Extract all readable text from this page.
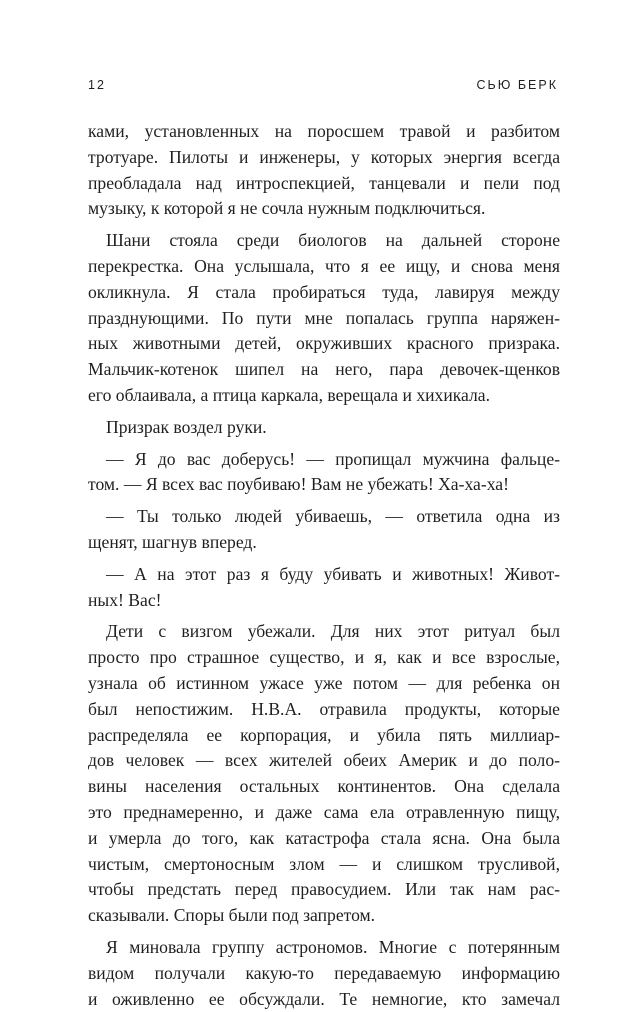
12	СЬЮ БЕРК
ками, установленных на поросшем травой и разбитом
тротуаре. Пилоты и инженеры, у которых энергия всегда
преобладала над интроспекцией, танцевали и пели под
музыку, к которой я не сочла нужным подключиться.
Шани стояла среди биологов на дальней стороне
перекрестка. Она услышала, что я ее ищу, и снова меня
окликнула. Я стала пробираться туда, лавируя между
празднующими. По пути мне попалась группа наряжен-
ных животными детей, окруживших красного призрака.
Мальчик-котенок шипел на него, пара девочек-щенков
его облаивала, а птица каркала, верещала и хихикала.
Призрак воздел руки.
— Я до вас доберусь! — пропищал мужчина фальце-
том. — Я всех вас поубиваю! Вам не убежать! Ха-ха-ха!
— Ты только людей убиваешь, — ответила одна из
щенят, шагнув вперед.
— А на этот раз я буду убивать и животных! Живот-
ных! Вас!
Дети с визгом убежали. Для них этот ритуал был
просто про страшное существо, и я, как и все взрослые,
узнала об истинном ужасе уже потом — для ребенка он
был непостижим. Н.В.А. отравила продукты, которые
распределяла ее корпорация, и убила пять миллиар-
дов человек — всех жителей обеих Америк и до поло-
вины населения остальных континентов. Она сделала
это преднамеренно, и даже сама ела отравленную пищу,
и умерла до того, как катастрофа стала ясна. Она была
чистым, смертоносным злом — и слишком трусливой,
чтобы предстать перед правосудием. Или так нам рас-
сказывали. Споры были под запретом.
Я миновала группу астрономов. Многие с потерянным
видом получали какую-то передаваемую информацию
и оживленно ее обсуждали. Те немногие, кто замечал
